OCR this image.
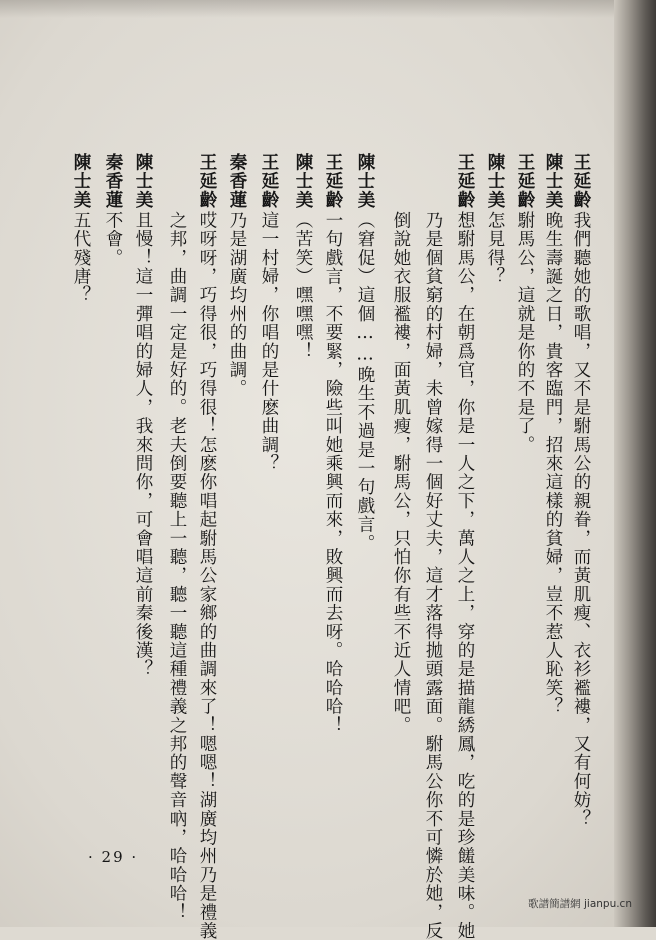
王延齡我們聽她的歌唱，又不是駙馬公的親眷，而黃肌瘦、衣衫襤褸，又有何妨？
陳士美晚生壽誕之日，貴客臨門，招來這樣的貧婦，豈不惹人恥笑？
王延齡駙馬公，這就是你的不是了。
陳士美怎見得？
王延齡想駙馬公，在朝爲官，你是一人之下，萬人之上，穿的是描龍綉鳳，吃的是珍饈美味。她
乃是個貧窮的村婦，未曾嫁得一個好丈夫，這才落得拋頭露面。駙馬公你不可憐於她，反
倒說她衣服襤褸，面黃肌瘦，駙馬公，只怕你有些不近人情吧。
陳士美（窘促）這個……晚生不過是一句戲言。
王延齡一句戲言，不要緊，險些叫她乘興而來，敗興而去呀。哈哈哈！
陳士美（苦笑）嘿嘿嘿！
王延齡這一村婦，你唱的是什麽曲調？
秦香蓮乃是湖廣均州的曲調。
王延齡哎呀呀，巧得很，巧得很！怎麽你唱起駙馬公家鄉的曲調來了！嗯嗯！湖廣均州乃是禮義
之邦，曲調一定是好的。老夫倒要聽上一聽，聽一聽這種禮義之邦的聲音吶，哈哈哈！
陳士美且慢！這一彈唱的婦人，我來問你，可會唱這前秦後漢？
秦香蓮不會。
陳士美五代殘唐？
· 29 ·
歌譜簡譜網 jianpu.cn
